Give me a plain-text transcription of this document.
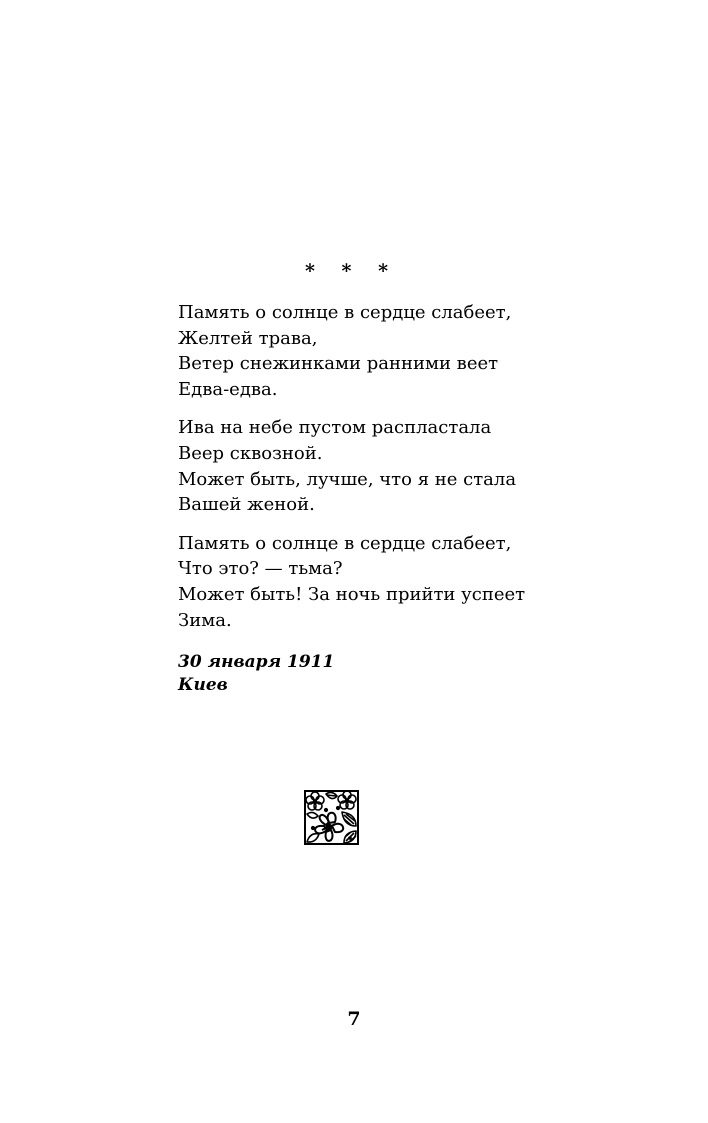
* * *

Память о солнце в сердце слабеет,
Желтей трава,
Ветер снежинками ранними веет
Едва-едва.

Ива на небе пустом распластала
Веер сквозной.
Может быть, лучше, что я не стала
Вашей женой.

Память о солнце в сердце слабеет,
Что это? — тьма?
Может быть! За ночь прийти успеет
Зима.

30 января 1911
Киев
7
